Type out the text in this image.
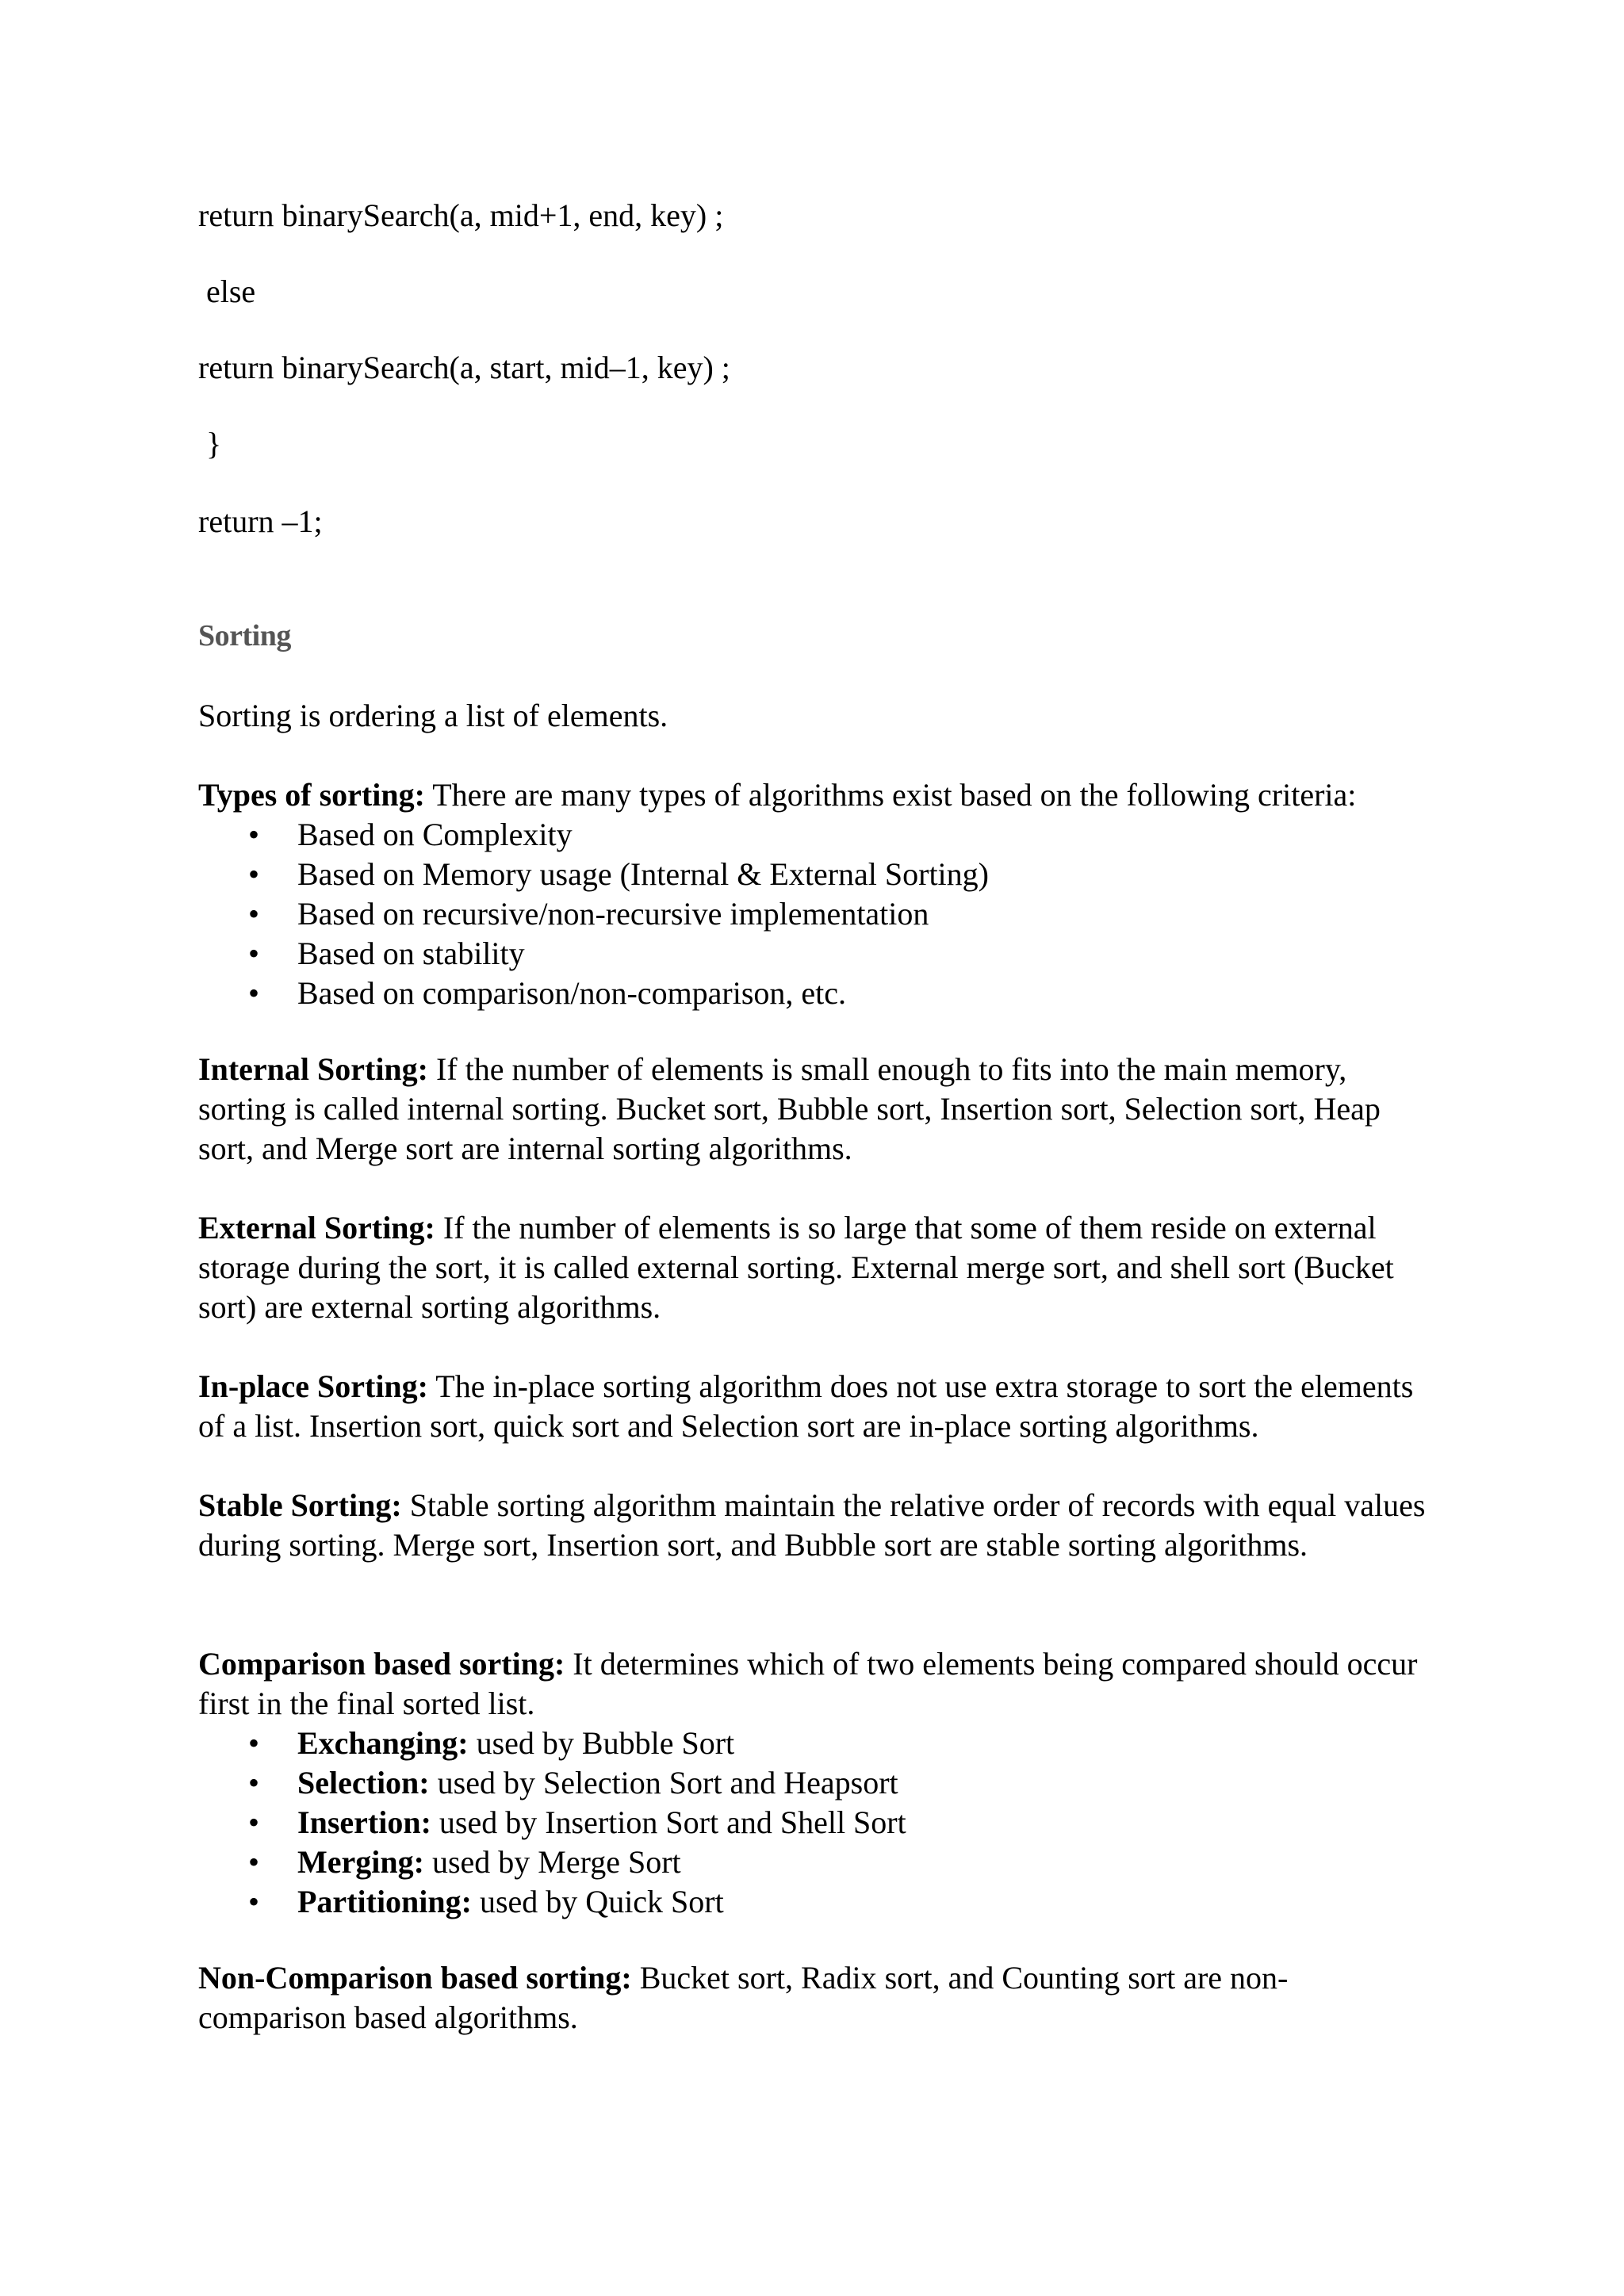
return binarySearch(a, mid+1, end, key) ;
else
return binarySearch(a, start, mid–1, key) ;
}
return –1;
Sorting
Sorting is ordering a list of elements.
Types of sorting: There are many types of algorithms exist based on the following criteria:
• Based on Complexity
• Based on Memory usage (Internal & External Sorting)
• Based on recursive/non-recursive implementation
• Based on stability
• Based on comparison/non-comparison, etc.
Internal Sorting: If the number of elements is small enough to fits into the main memory, sorting is called internal sorting. Bucket sort, Bubble sort, Insertion sort, Selection sort, Heap sort, and Merge sort are internal sorting algorithms.
External Sorting: If the number of elements is so large that some of them reside on external storage during the sort, it is called external sorting. External merge sort, and shell sort (Bucket sort) are external sorting algorithms.
In-place Sorting: The in-place sorting algorithm does not use extra storage to sort the elements of a list. Insertion sort, quick sort and Selection sort are in-place sorting algorithms.
Stable Sorting: Stable sorting algorithm maintain the relative order of records with equal values during sorting. Merge sort, Insertion sort, and Bubble sort are stable sorting algorithms.
Comparison based sorting: It determines which of two elements being compared should occur first in the final sorted list.
• Exchanging: used by Bubble Sort
• Selection: used by Selection Sort and Heapsort
• Insertion: used by Insertion Sort and Shell Sort
• Merging: used by Merge Sort
• Partitioning: used by Quick Sort
Non-Comparison based sorting: Bucket sort, Radix sort, and Counting sort are non-comparison based algorithms.
